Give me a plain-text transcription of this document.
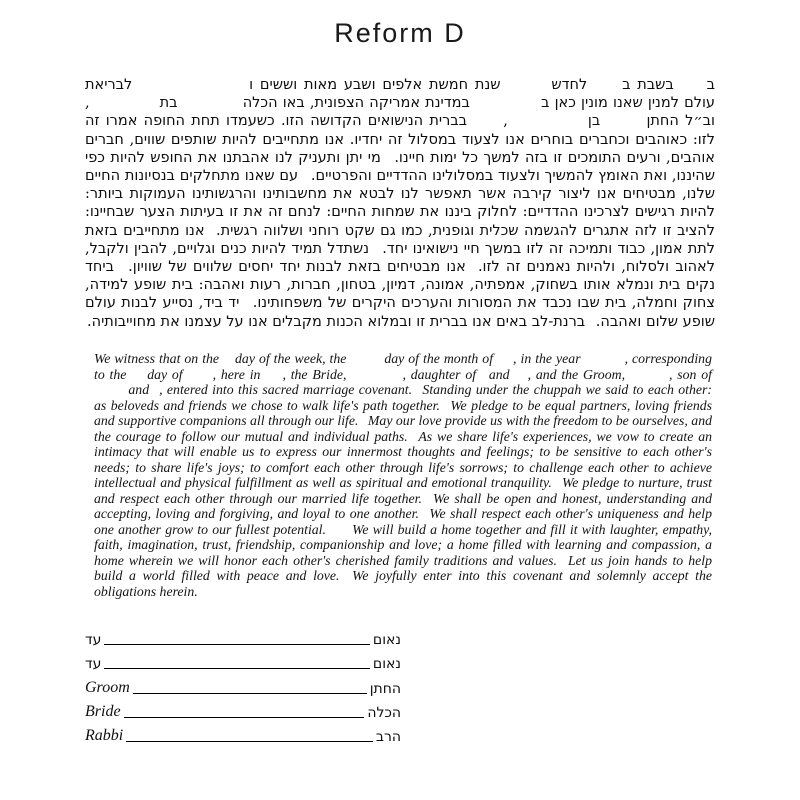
Reform D
ב בשבת ב לחדש שנת חמשת אלפים ושבע מאות וששים ו לבריאת עולם למנין שאנו מונין כאן ב במדינת אמריקה הצפונית, באו הכלה בת, וב״ל החתן בן, בברית הנישואים הקדושה הזו. כשעמדו תחת החופה אמרו זה לזו: כאוהבים וכחברים בוחרים אנו לצעוד במסלול זה יחדיו. אנו מתחייבים להיות שותפים שווים, חברים אוהבים, ורעים התומכים זו בזה למשך כל ימות חיינו. מי יתן ותעניק לנו אהבתנו את החופש להיות כפי שהיננו, ואת האומץ להמשיך ולצעוד במסלולינו ההדדיים והפרטיים. עם שאנו מתחלקים בנסיונות החיים שלנו, מבטיחים אנו ליצור קירבה אשר תאפשר לנו לבטא את מחשבותינו והרגשותינו העמוקות ביותר: להיות רגישים לצרכינו ההדדיים: לחלוק ביננו את שמחות החיים: לנחם זה את זו בעיתות הצער שבחיינו: להציב זו לזה אתגרים להגשמה שכלית וגופנית, כמו גם שקט רוחני ושלווה רגשית. אנו מתחייבים בזאת לתת אמון, כבוד ותמיכה זה לזו במשך חיי נישואינו יחד. נשתדל תמיד להיות כנים וגלויים, להבין ולקבל, לאהוב ולסלוח, ולהיות נאמנים זה לזו. אנו מבטיחים בזאת לבנות יחד יחסים שלווים של שוויון. ביחד נקים בית ונמלא אותו בשחוק, אמפתיה, אמונה, דמיון, בטחון, חברות, רעות ואהבה: בית שופע למידה, צחוק וחמלה, בית שבו נכבד את המסורות והערכים היקרים של משפחותינו. יד ביד, נסייע לבנות עולם שופע שלום ואהבה. ברנת-לב באים אנו בברית זו ובמלוא הכנות מקבלים אנו על עצמנו את מחוייבותיה.
We witness that on the day of the week, the day of the month of , in the year	, corresponding to the day of , here in , the Bride,	, daughter of and , and the Groom,	, son of and , entered into this sacred marriage covenant. Standing under the chuppah we said to each other: as beloveds and friends we chose to walk life's path together. We pledge to be equal partners, loving friends and supportive companions all through our life. May our love provide us with the freedom to be ourselves, and the courage to follow our mutual and individual paths. As we share life's experiences, we vow to create an intimacy that will enable us to express our innermost thoughts and feelings; to be sensitive to each other's needs; to share life's joys; to comfort each other through life's sorrows; to challenge each other to achieve intellectual and physical fulfillment as well as spiritual and emotional tranquility. We pledge to nurture, trust and respect each other through our married life together. We shall be open and honest, understanding and accepting, loving and forgiving, and loyal to one another. We shall respect each other's uniqueness and help one another grow to our fullest potential. We will build a home together and fill it with laughter, empathy, faith, imagination, trust, friendship, companionship and love; a home filled with learning and compassion, a home wherein we will honor each other's cherished family traditions and values. Let us join hands to help build a world filled with peace and love. We joyfully enter into this covenant and solemnly accept the obligations herein.
עד	נאום
עד	נאום
Groom	החתן
Bride	הכלה
Rabbi	הרב
